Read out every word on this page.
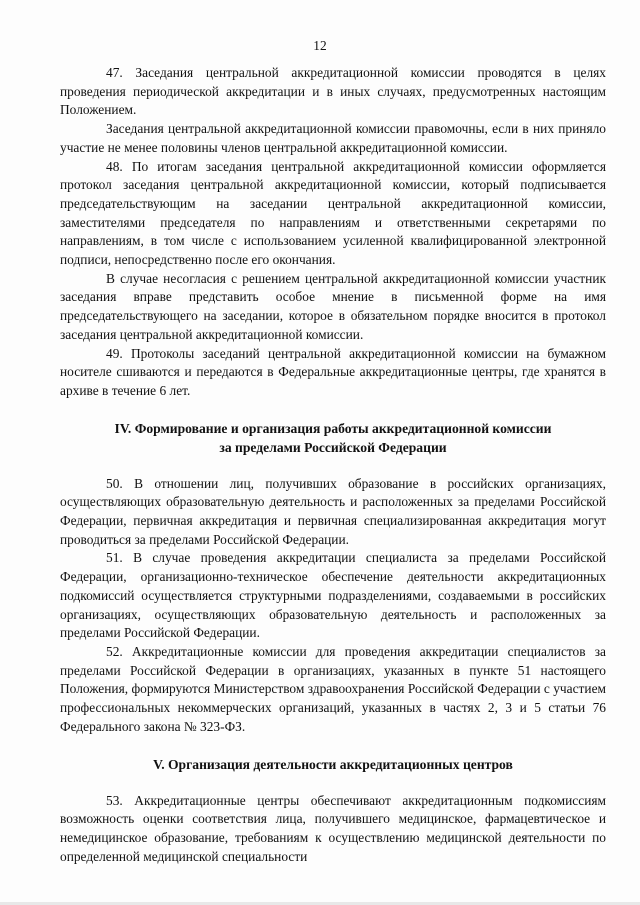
12

47. Заседания центральной аккредитационной комиссии проводятся в целях проведения периодической аккредитации и в иных случаях, предусмотренных настоящим Положением.

Заседания центральной аккредитационной комиссии правомочны, если в них приняло участие не менее половины членов центральной аккредитационной комиссии.

48. По итогам заседания центральной аккредитационной комиссии оформляется протокол заседания центральной аккредитационной комиссии, который подписывается председательствующим на заседании центральной аккредитационной комиссии, заместителями председателя по направлениям и ответственными секретарями по направлениям, в том числе с использованием усиленной квалифицированной электронной подписи, непосредственно после его окончания.

В случае несогласия с решением центральной аккредитационной комиссии участник заседания вправе представить особое мнение в письменной форме на имя председательствующего на заседании, которое в обязательном порядке вносится в протокол заседания центральной аккредитационной комиссии.

49. Протоколы заседаний центральной аккредитационной комиссии на бумажном носителе сшиваются и передаются в Федеральные аккредитационные центры, где хранятся в архиве в течение 6 лет.

IV. Формирование и организация работы аккредитационной комиссии
за пределами Российской Федерации

50. В отношении лиц, получивших образование в российских организациях, осуществляющих образовательную деятельность и расположенных за пределами Российской Федерации, первичная аккредитация и первичная специализированная аккредитация могут проводиться за пределами Российской Федерации.

51. В случае проведения аккредитации специалиста за пределами Российской Федерации, организационно-техническое обеспечение деятельности аккредитационных подкомиссий осуществляется структурными подразделениями, создаваемыми в российских организациях, осуществляющих образовательную деятельность и расположенных за пределами Российской Федерации.

52. Аккредитационные комиссии для проведения аккредитации специалистов за пределами Российской Федерации в организациях, указанных в пункте 51 настоящего Положения, формируются Министерством здравоохранения Российской Федерации с участием профессиональных некоммерческих организаций, указанных в частях 2, 3 и 5 статьи 76 Федерального закона № 323-ФЗ.

V. Организация деятельности аккредитационных центров

53. Аккредитационные центры обеспечивают аккредитационным подкомиссиям возможность оценки соответствия лица, получившего медицинское, фармацевтическое и немедицинское образование, требованиям к осуществлению медицинской деятельности по определенной медицинской специальности
